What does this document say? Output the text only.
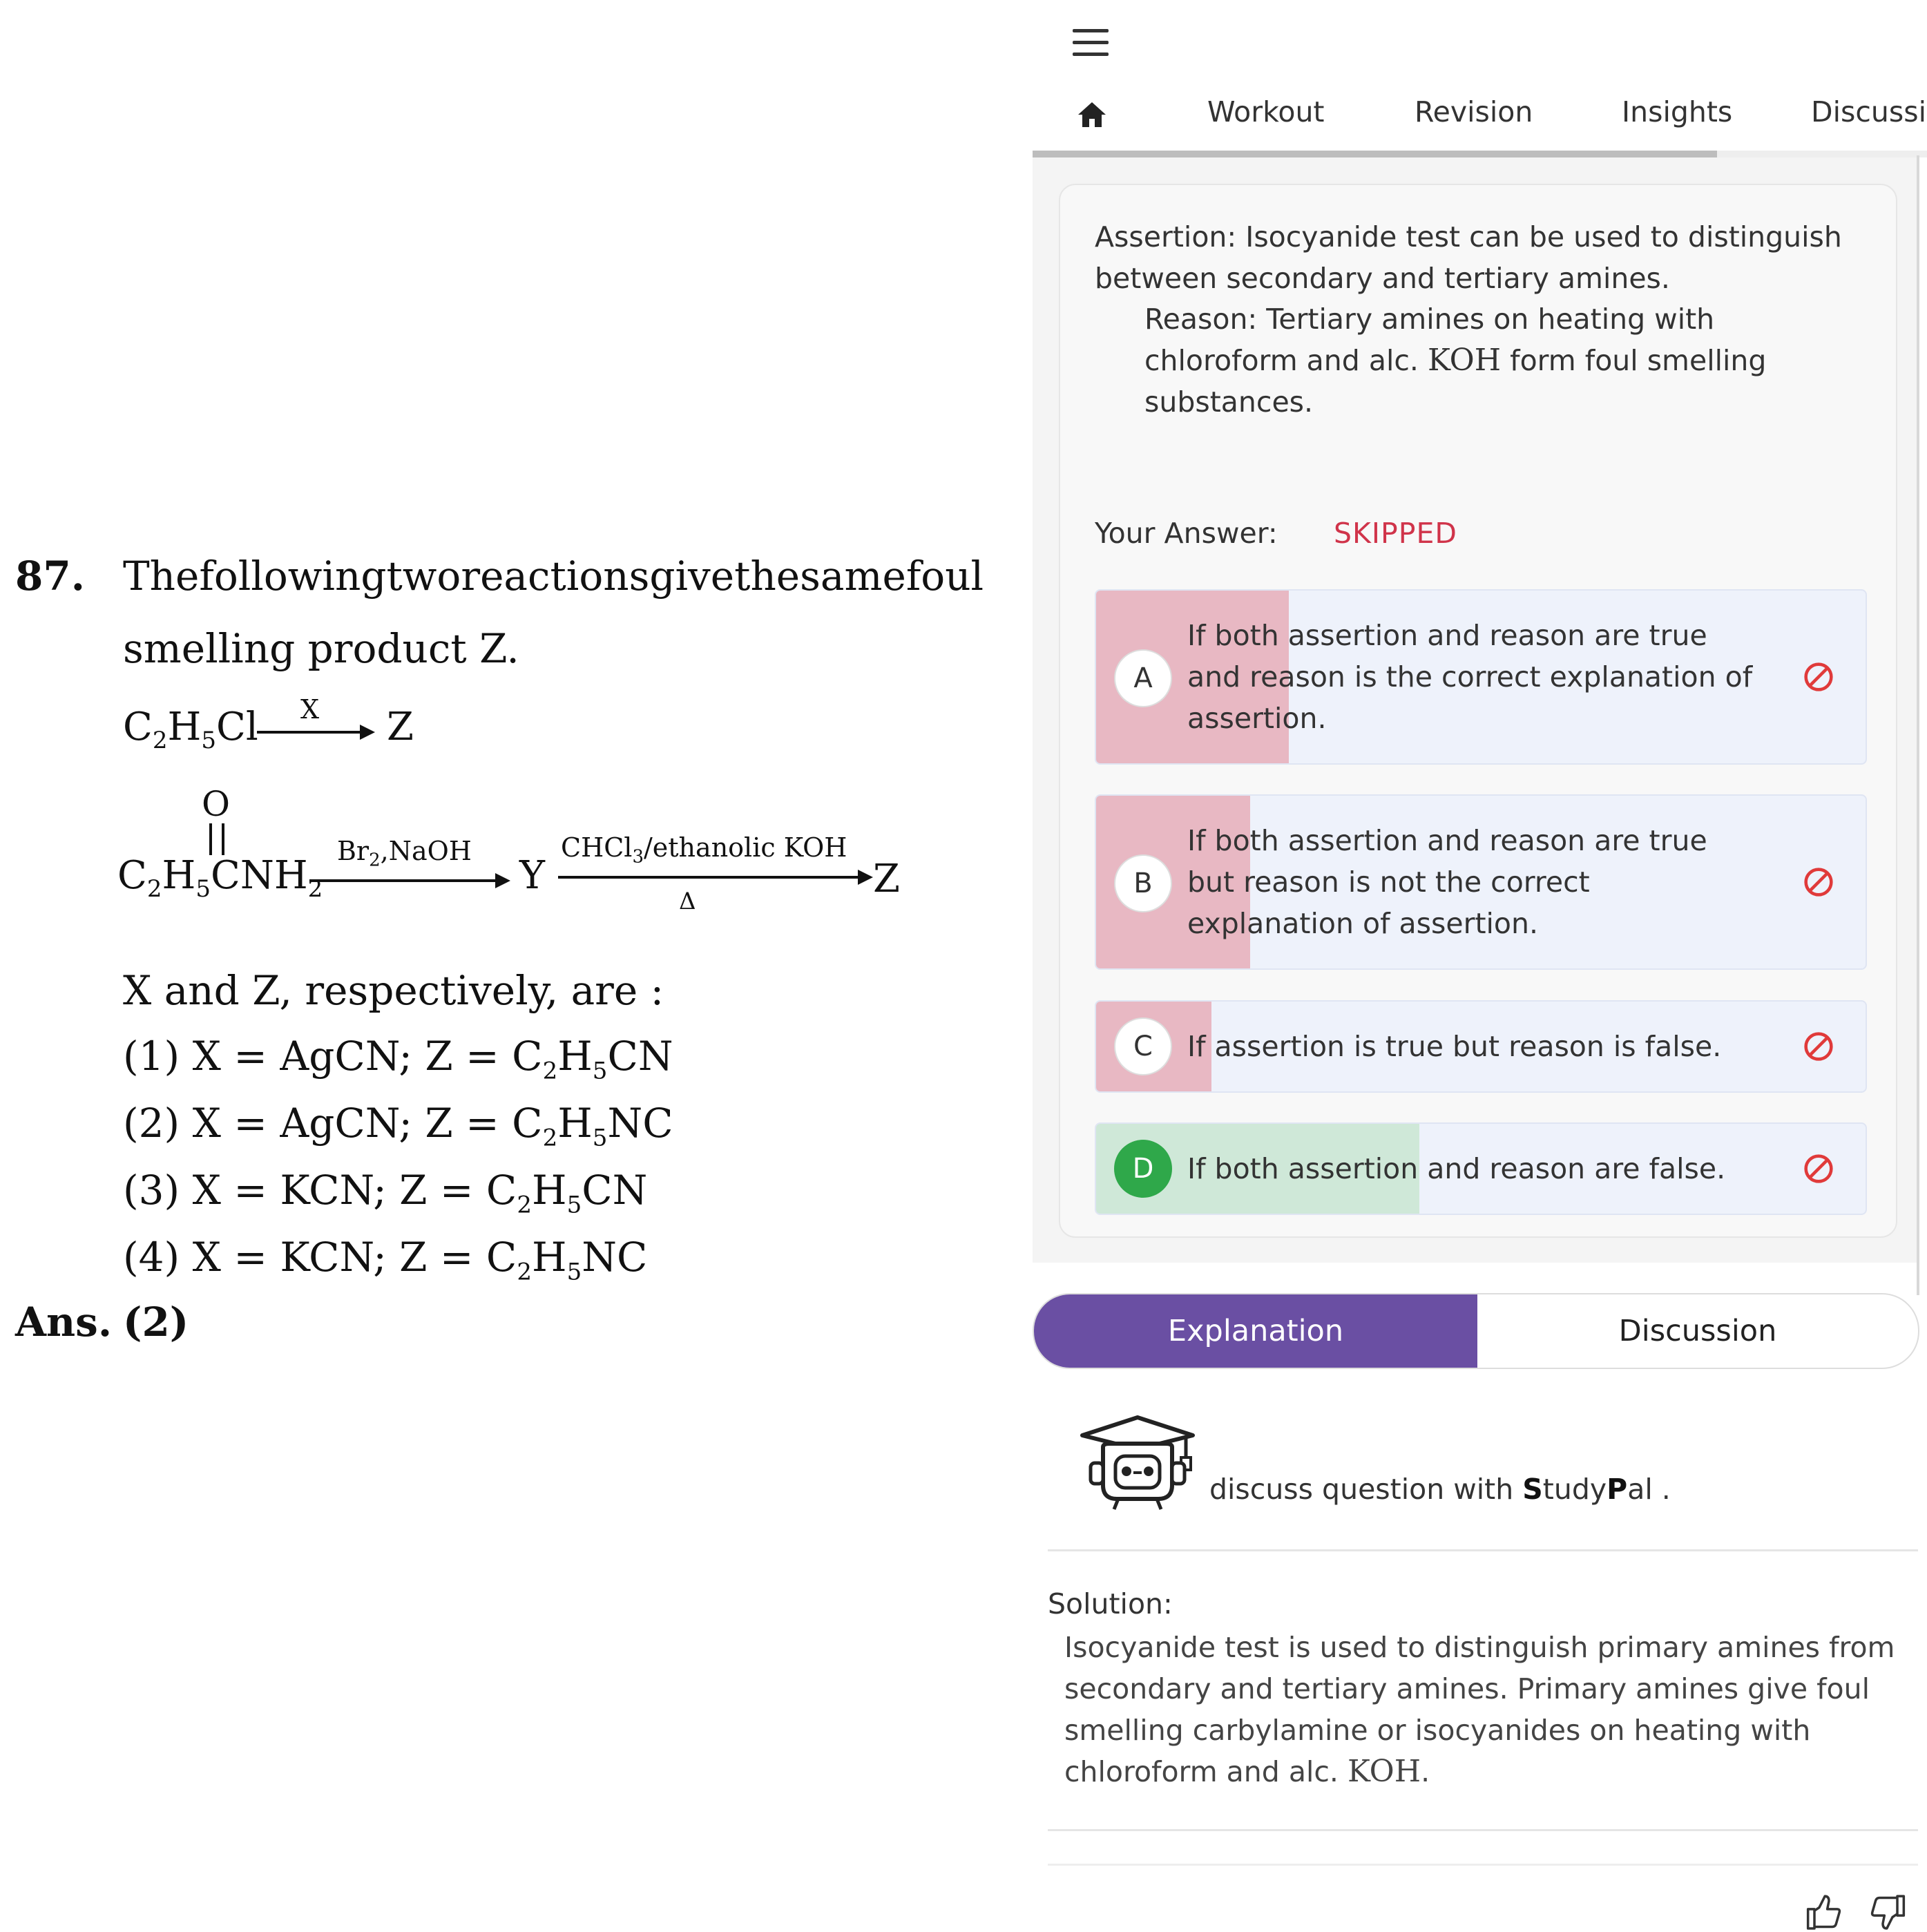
87. The following two reactions give the same foul
smelling product Z.
$C_2H_5Cl$ X Z
O
$C_2H_5CNH_2$
$Br_2,NaOH$
Y
CHCl$_3$/ethanolic KOH
Δ	Z
X and Z, respectively, are :
(1) X = AgCN; $Z = C_2H_5CN$
(2) X = AgCN; $Z = C_2H_5NC$
(3) X = KCN; $Z = C_2H_5CN$
(4) X = KCN; $Z = C_2H_5NC$
Ans. (2)
Workout	Revision	Insights	Discussi
Assertion: Isocyanide test can be used to distinguish between secondary and tertiary amines.
Reason: Tertiary amines on heating with chloroform and alc. KOH form foul smelling substances.
Your Answer: SKIPPED
A
If both assertion and reason are true and reason is the correct explanation of assertion.
B
If both assertion and reason are true but reason is not the correct explanation of assertion.
C	If assertion is true but reason is false.
D	If both assertion and reason are false.
Explanation	Discussion
discuss question with StudyPal .
Solution:
Isocyanide test is used to distinguish primary amines from secondary and tertiary amines. Primary amines give foul smelling carbylamine or isocyanides on heating with chloroform and alc. KOH.
